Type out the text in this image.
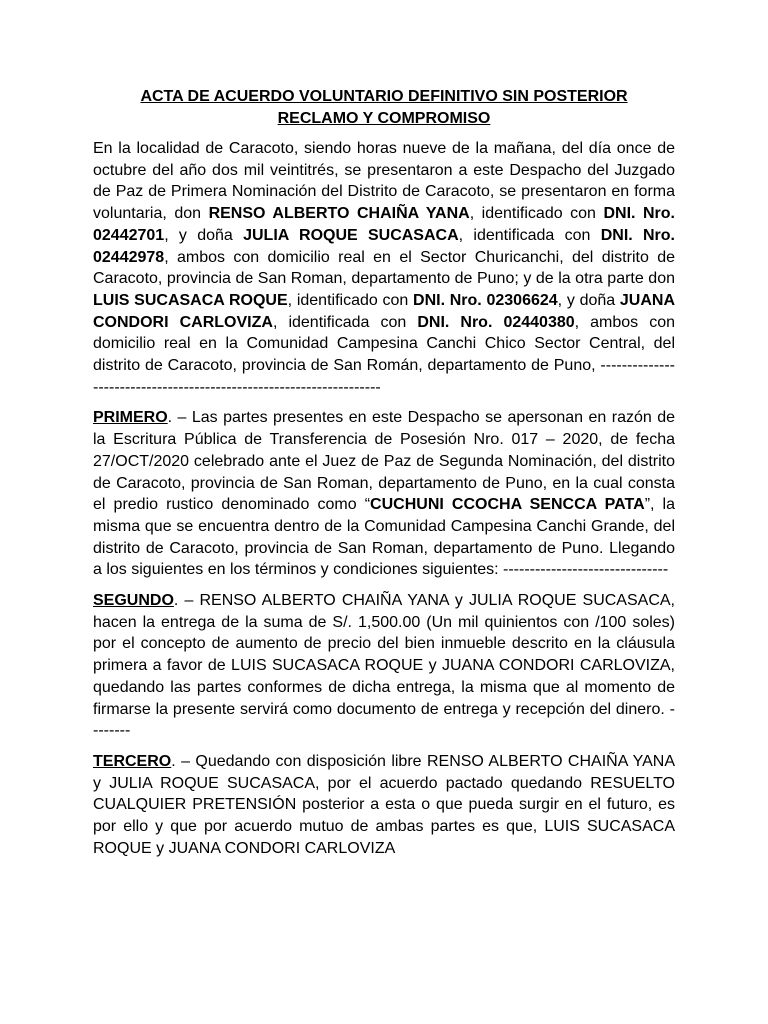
ACTA DE ACUERDO VOLUNTARIO DEFINITIVO SIN POSTERIOR
RECLAMO Y COMPROMISO

En la localidad de Caracoto, siendo horas nueve de la mañana, del día once de octubre del año dos mil veintitrés, se presentaron a este Despacho del Juzgado de Paz de Primera Nominación del Distrito de Caracoto, se presentaron en forma voluntaria, don RENSO ALBERTO CHAIÑA YANA, identificado con DNI. Nro. 02442701, y doña JULIA ROQUE SUCASACA, identificada con DNI. Nro. 02442978, ambos con domicilio real en el Sector Churicanchi, del distrito de Caracoto, provincia de San Roman, departamento de Puno; y de la otra parte don LUIS SUCASACA ROQUE, identificado con DNI. Nro. 02306624, y doña JUANA CONDORI CARLOVIZA, identificada con DNI. Nro. 02440380, ambos con domicilio real en la Comunidad Campesina Canchi Chico Sector Central, del distrito de Caracoto, provincia de San Román, departamento de Puno, --------------------------------------------------------------------

PRIMERO. – Las partes presentes en este Despacho se apersonan en razón de la Escritura Pública de Transferencia de Posesión Nro. 017 – 2020, de fecha 27/OCT/2020 celebrado ante el Juez de Paz de Segunda Nominación, del distrito de Caracoto, provincia de San Roman, departamento de Puno, en la cual consta el predio rustico denominado como “CUCHUNI CCOCHA SENCCA PATA”, la misma que se encuentra dentro de la Comunidad Campesina Canchi Grande, del distrito de Caracoto, provincia de San Roman, departamento de Puno. Llegando a los siguientes en los términos y condiciones siguientes: -------------------------------

SEGUNDO. – RENSO ALBERTO CHAIÑA YANA y JULIA ROQUE SUCASACA, hacen la entrega de la suma de S/. 1,500.00 (Un mil quinientos con /100 soles) por el concepto de aumento de precio del bien inmueble descrito en la cláusula primera a favor de LUIS SUCASACA ROQUE y JUANA CONDORI CARLOVIZA, quedando las partes conformes de dicha entrega, la misma que al momento de firmarse la presente servirá como documento de entrega y recepción del dinero. --------

TERCERO. – Quedando con disposición libre RENSO ALBERTO CHAIÑA YANA y JULIA ROQUE SUCASACA, por el acuerdo pactado quedando RESUELTO CUALQUIER PRETENSIÓN posterior a esta o que pueda surgir en el futuro, es por ello y que por acuerdo mutuo de ambas partes es que, LUIS SUCASACA ROQUE y JUANA CONDORI CARLOVIZA
